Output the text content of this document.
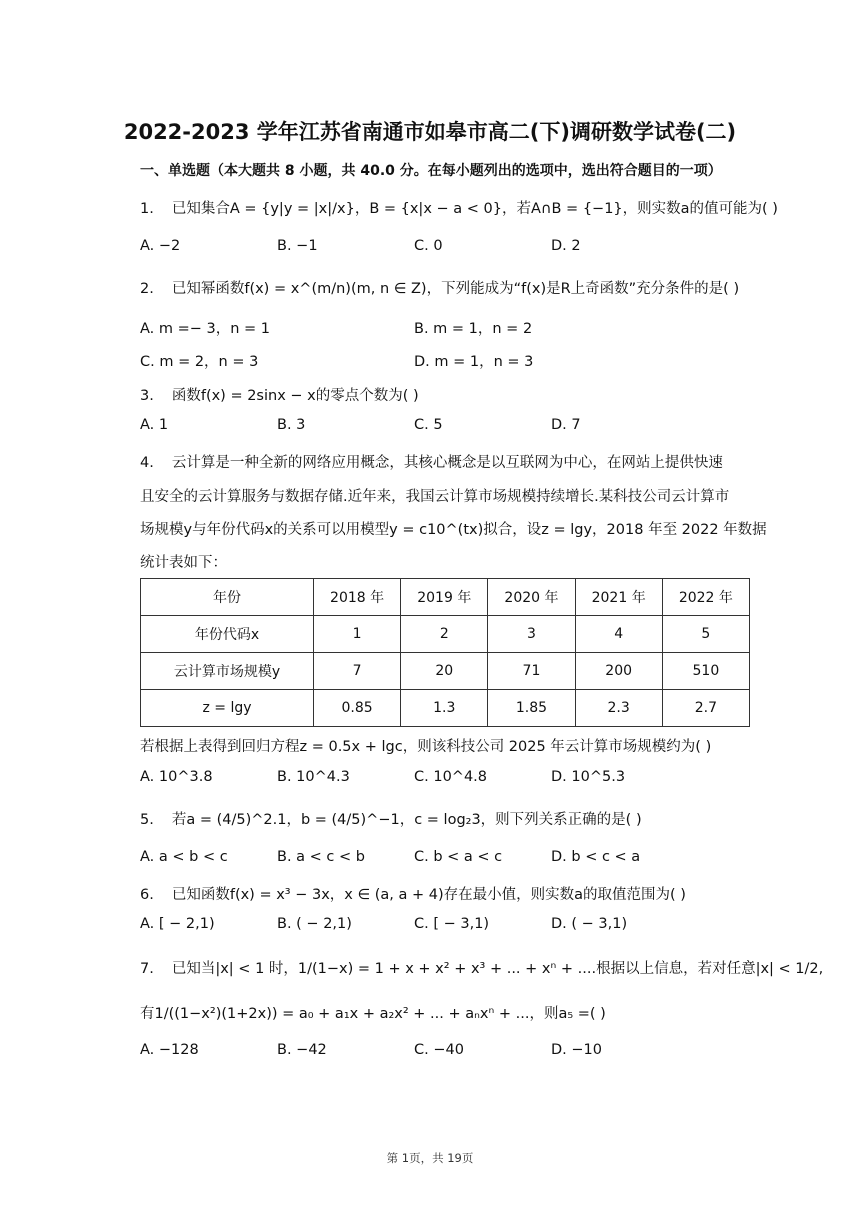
2022-2023 学年江苏省南通市如皋市高二(下)调研数学试卷(二)
一、单选题（本大题共 8 小题，共 40.0 分。在每小题列出的选项中，选出符合题目的一项）
1. 已知集合A = {y|y = |x|/x}，B = {x|x − a < 0}，若A∩B = {−1}，则实数a的值可能为( )
A. −2	B. −1	C. 0	D. 2
2. 已知幂函数f(x) = x^(m/n)(m, n ∈ Z)，下列能成为“f(x)是R上奇函数”充分条件的是( )
A. m =− 3，n = 1	B. m = 1，n = 2
C. m = 2，n = 3	D. m = 1，n = 3
3. 函数f(x) = 2sinx − x的零点个数为( )
A. 1	B. 3	C. 5	D. 7
4. 云计算是一种全新的网络应用概念，其核心概念是以互联网为中心，在网站上提供快速
且安全的云计算服务与数据存储.近年来，我国云计算市场规模持续增长.某科技公司云计算市
场规模y与年份代码x的关系可以用模型y = c10^(tx)拟合，设z = lgy，2018 年至 2022 年数据
统计表如下：
年份	2018 年	2019 年	2020 年	2021 年	2022 年
年份代码x	1	2	3	4	5
云计算市场规模y	7	20	71	200	510
z = lgy	0.85	1.3	1.85	2.3	2.7
若根据上表得到回归方程z = 0.5x + lgc，则该科技公司 2025 年云计算市场规模约为( )
A. 10^3.8	B. 10^4.3	C. 10^4.8	D. 10^5.3
5. 若a = (4/5)^2.1，b = (4/5)^−1，c = log₂3，则下列关系正确的是( )
A. a < b < c	B. a < c < b	C. b < a < c	D. b < c < a
6. 已知函数f(x) = x³ − 3x，x ∈ (a, a + 4)存在最小值，则实数a的取值范围为( )
A. [ − 2,1)	B. ( − 2,1)	C. [ − 3,1)	D. ( − 3,1)
7. 已知当|x| < 1 时，1/(1−x) = 1 + x + x² + x³ + ... + xⁿ + ....根据以上信息，若对任意|x| < 1/2,
有1/((1−x²)(1+2x)) = a₀ + a₁x + a₂x² + ... + aₙxⁿ + ...，则a₅ =( )
A. −128	B. −42	C. −40	D. −10
第 1页，共 19页
